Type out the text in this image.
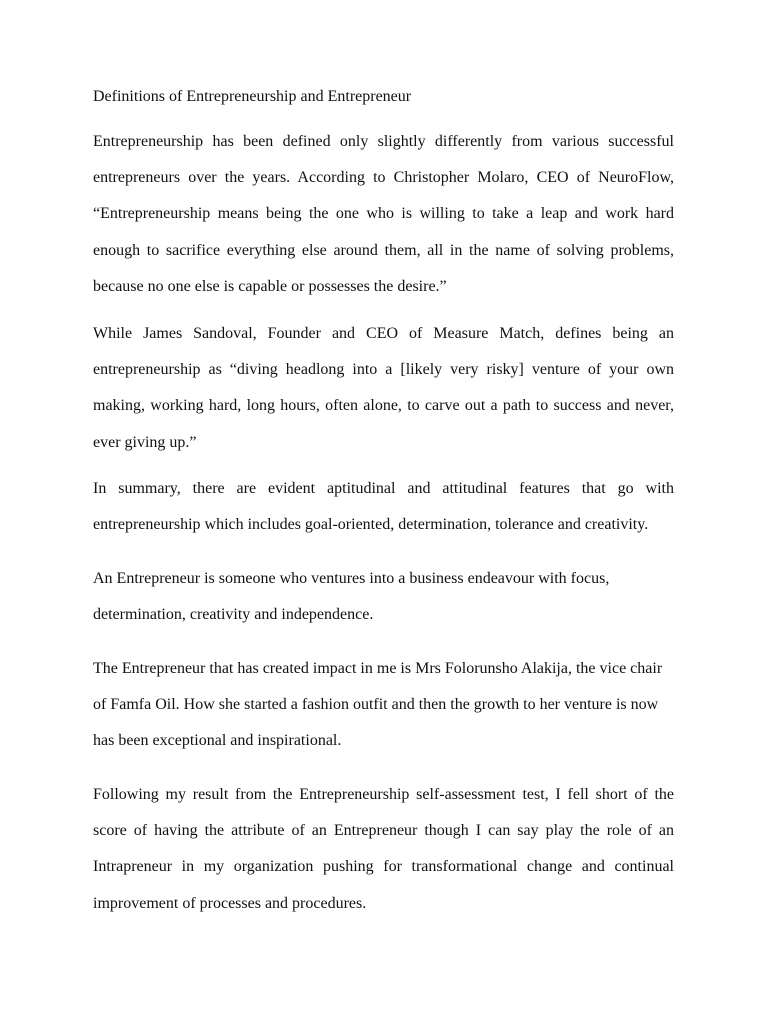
Definitions of Entrepreneurship and Entrepreneur

Entrepreneurship has been defined only slightly differently from various successful entrepreneurs over the years. According to Christopher Molaro, CEO of NeuroFlow, “Entrepreneurship means being the one who is willing to take a leap and work hard enough to sacrifice everything else around them, all in the name of solving problems, because no one else is capable or possesses the desire.”

While James Sandoval, Founder and CEO of Measure Match, defines being an entrepreneurship as “diving headlong into a [likely very risky] venture of your own making, working hard, long hours, often alone, to carve out a path to success and never, ever giving up.”

In summary, there are evident aptitudinal and attitudinal features that go with entrepreneurship which includes goal-oriented, determination, tolerance and creativity.

An Entrepreneur is someone who ventures into a business endeavour with focus, determination, creativity and independence.

The Entrepreneur that has created impact in me is Mrs Folorunsho Alakija, the vice chair of Famfa Oil. How she started a fashion outfit and then the growth to her venture is now has been exceptional and inspirational.

Following my result from the Entrepreneurship self-assessment test, I fell short of the score of having the attribute of an Entrepreneur though I can say play the role of an Intrapreneur in my organization pushing for transformational change and continual improvement of processes and procedures.
